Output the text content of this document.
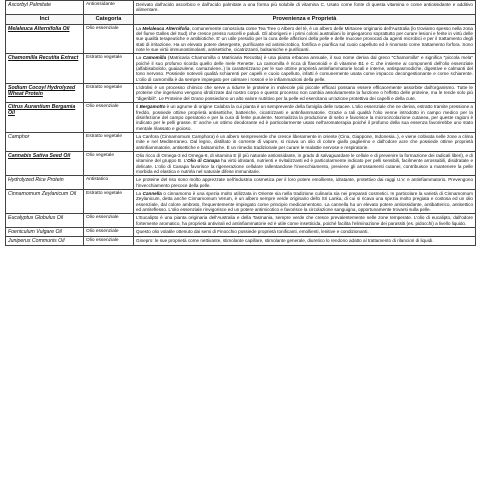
Ascorbyl Palmitate	Antiossidante	Derivato dall'acido ascorbico e dall'acido palmitate a una forma più solubile di vitamina C. Usato come fonte di questa vitamina e come antiossidante e additivo alimentare.
Inci	Categoria	Provenienza e Proprietà
Melaleuca Alternifolia Oil	Olio essenziale	La Melaleuca Alternifolia, comunemente conosciuta come Tea Tree o Albero del tè, è un albero delle Mirtacee originario dell'Australia (lo troviamo spesso nella zona del fiume Galles del Sud) che cresce presso ruscelli e paludi. Gli aborigeni e i primi coloni australiani lo impiegarono soprattutto per curare lesioni e ferite in virtù delle sue qualità terapeutiche e antibiotiche. E' un utile presidio per la cura delle affezioni della pelle e delle mucose provocati da agenti microbici e per il trattamento degli stati di irritazione. Ha un elevato potere detergente, purificante ed antimicrobico, fortifica e piurifica sul cuoio capelluto ed è rinomato come trattamento forfora. Sono note le sue virtù immunostimolanti, antisettiche, cicatrizzanti, balsamiche e purificanti.
Chamomilla Recutita Extract	Estratto vegetale	La Camomilla (Matricaria Chamomilla o Matricaria Recutita) è una pianta erbacea annuale, il suo nome deriva dal greco "Chamomilla" e significa "piccola mela" poiché il suo profumo ricorda quello delle mele Renette. La camomilla è ricca di flavonoidi e di vitamine B1 e C che insieme ai componenti dell'olio essenziale (alfabisabololo, guaiazulene, camazulene..) la caratterizzano per le sue ottime proprietà antinfiammatorie locali e interne, antispasmodiche, digestive e calmanti del tono nervoso. Possiede notevoli qualità schiarenti per capelli e cuoio capelluto, infatti è comunemente usata come impacco decongestionante e come schiarente. L'olio di camomilla è da sempre impiegato per calmare i rossori e le infiammazioni della pelle.
Sodium Cocoyl Hydrolyzed Wheat Protein	Estratto vegetale	L'idrolisi è un processo chimico che serve a ridurre le proteine in molecole più piccole efficaci possano essere efficacemente assorbite dall'organismo. Tutte le proteine che ingeriamo vengono idrolizzate dal nostro corpo e questo processo non cambia assolutamente la funzione o l'effetto delle proteine, ma le rende solo più "digeribili". Le Proteine del Grano possiedono un alto valore nutritivo per la pelle ed esercitano un'azione protettiva dei capelli e della cute.
Citrus Aurantium Bergamia Oil	Olio essenziale	Il Bergamotto è un agrume di origine Calabra la cui pianta è un sempreverde della famiglia delle rutacee. L'olio essenziale che ne deriva, estratto tramite pressione a freddo, possiede ottime proprietà antisettiche, batteriche, cicatrizzanti e antinfiammatorie. Grazie a tali qualità l'olio venne introdotto in campo medico per la disinfezione del campo operatorio e per la cura di ferite purulente. Normalizza la produzione di sebo e favorisce la microcircolazione cutanea, per queste ragioni è indicato per le pelli grasse. E' anche un ottimo deodorante ed è particolarmente usato nell'aromaterapia poiché il profumo della sua essenza favorirebbe uno stato mentale rilassato e gioioso.
Camphor	Estratto vegetale	La Canfora (Cinnamomum Camphora) è un albero sempreverde che cresce liberamente in oriente (Cina, Giappone, Indonesia..), e viene coltivata nelle zone a clima mite e nel Mediterraneo. Dal legno, distillato in corrente di vapore, si ricava un olio di colore giallo paglierino e dall'odore acre che possiede ottime proprietà antinfiammatorie, antisettiche e balsamiche. È un rimedio tradizionale per curare le malattie nervose e respiratorie.
Cannabis Sativa Seed Oil	Olio vegetale	Olio ricco di Omega-3 ed Omega-6, di vitamina E (il più naturale antiossidante, in grado di salvaguardare le cellule e di prevenire la formazione dei radicali liberi), e di vitamine del gruppo B. L'Olio di Canapa ha virtù idratanti, nutrienti e rivitalizzanti ed è particolarmente indicato per pelli sensibili, facilmente arrossabili, disidratate e delicate. L'olio di Canapa favorisce la rigenerazione cellulare rallentandone l'invecchiamento, previene gli arrossamenti cutanei, contribuisce a mantenere la pelle morbida ed elastica e nutrirla nel naturale difese immunitarie.
Hydrolyzed Rice Protein	Antistatico	Le proteine del riso sono molto apprezzate nell'industria cosmetica per il loro potere emolliente, idratante, protettivo dai raggi U.V. e antinfiammatorio. Prevengono l'invecchiamento precoce della pelle.
Cinnamomum Zeylanicum Oil	Estratto vegetale	La Cannella o cinnamomo è una spezia molto utilizzata in Oriente sia nella tradizione culinaria sia nei preparati cosmetici. In particolare la varietà di Cinnamomum Zeylanicum, detta anche Cinnamomum Verum, è un albero sempre verde originario dello Sri Lanka, di cui si ricava una spezia molto pregiata e costosa ed un olio essenziale, dal colore ambrato, frequentemente impiegato come principio medicamentoso. La cannella ha un elevato potere antiossidante, antibatterico, antisettico ed antireflesso. L'olio essenziale rinvigorisce ed un potere antimicotico e favorisce la circolazione sanguigna, opportunamente trovarsi sulla pelle.
Eucalyptus Globulus Oil	Olio essenziale	L'Eucalipto è una pianta originaria dell'Australia e della Tasmania, sempre verde che cresce prevalentemente nelle zone temperate. L'olio di eucalipto, dall'odore fortemente aromatico, ha proprietà antivirali ed antinfiammatorie ed è utile come insetticida, poiché facilita l'eliminazione dei parassiti (es. pidocchi) a livello liquido.
Foeniculum Vulgare Oil	Olio essenziale	Questo olio volatile ottenuto dai semi di Finocchio possiede proprietà tonificanti, emollienti, lenitive e condizionanti.
Juniperus Communis Oil	Olio essenziale	Ginepro: le sue proprietà come nettivante, stimolante capillare, stimolante generale, diuretico lo rendono adatto al trattamento di rilanciori di liquidi.
